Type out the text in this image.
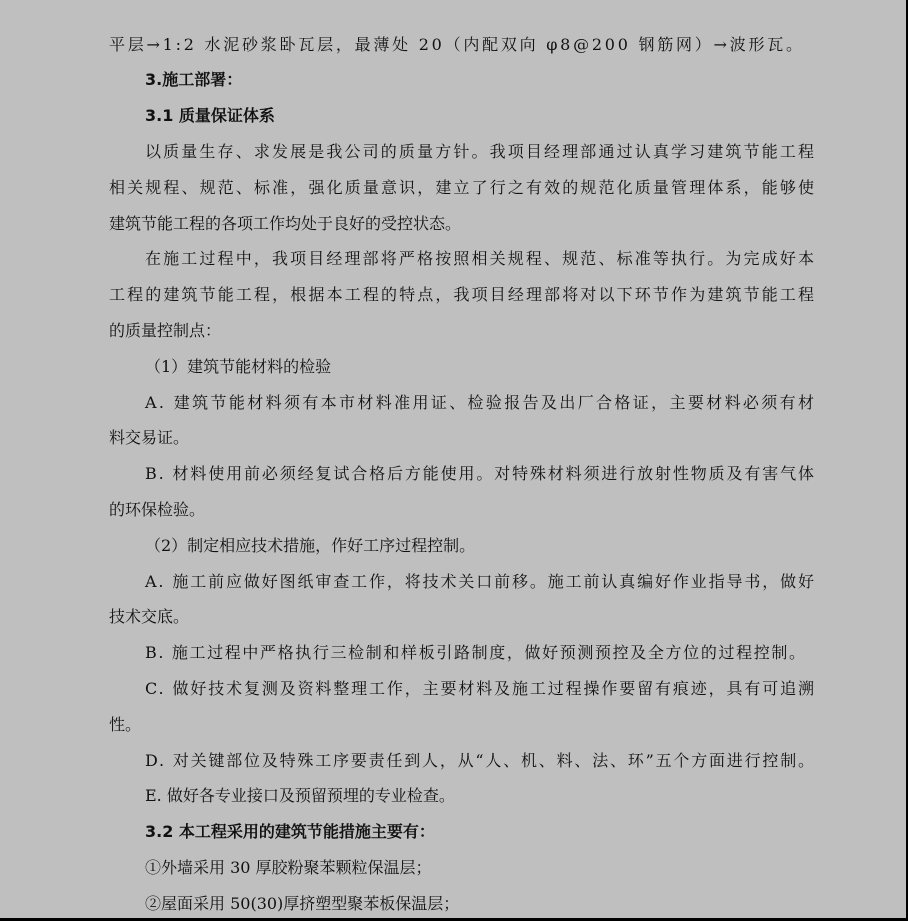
平层→1:2 水泥砂浆卧瓦层，最薄处 20（内配双向 φ8@200 钢筋网）→波形瓦。

3.施工部署：

3.1 质量保证体系

以质量生存、求发展是我公司的质量方针。我项目经理部通过认真学习建筑节能工程

相关规程、规范、标准，强化质量意识，建立了行之有效的规范化质量管理体系，能够使

建筑节能工程的各项工作均处于良好的受控状态。

在施工过程中，我项目经理部将严格按照相关规程、规范、标准等执行。为完成好本

工程的建筑节能工程，根据本工程的特点，我项目经理部将对以下环节作为建筑节能工程

的质量控制点：

（1）建筑节能材料的检验

A. 建筑节能材料须有本市材料准用证、检验报告及出厂合格证，主要材料必须有材

料交易证。

B. 材料使用前必须经复试合格后方能使用。对特殊材料须进行放射性物质及有害气体

的环保检验。

（2）制定相应技术措施，作好工序过程控制。

A. 施工前应做好图纸审查工作，将技术关口前移。施工前认真编好作业指导书，做好

技术交底。

B. 施工过程中严格执行三检制和样板引路制度，做好预测预控及全方位的过程控制。

C. 做好技术复测及资料整理工作，主要材料及施工过程操作要留有痕迹，具有可追溯

性。

D. 对关键部位及特殊工序要责任到人，从“人、机、料、法、环”五个方面进行控制。

E. 做好各专业接口及预留预埋的专业检查。

3.2 本工程采用的建筑节能措施主要有：

①外墙采用 30 厚胶粉聚苯颗粒保温层；

②屋面采用 50(30)厚挤塑型聚苯板保温层；
